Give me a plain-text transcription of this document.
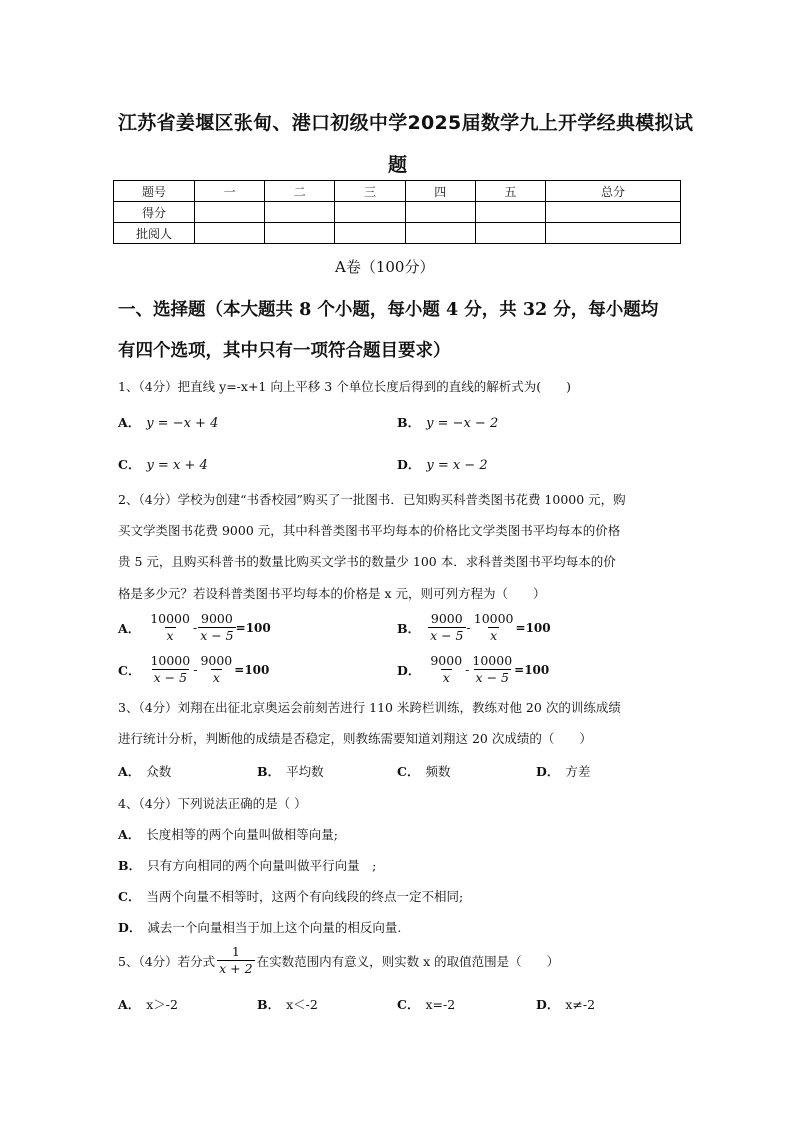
江苏省姜堰区张甸、港口初级中学2025届数学九上开学经典模拟试
题
题号	一	二	三	四	五	总分
得分						
批阅人						
A卷（100分）
一、选择题（本大题共 8 个小题，每小题 4 分，共 32 分，每小题均
有四个选项，其中只有一项符合题目要求）
1、（4分）把直线 y=-x+1 向上平移 3 个单位长度后得到的直线的解析式为(　　)
A． y = −x + 4	B． y = −x − 2
C． y = x + 4	D． y = x − 2
2、（4分）学校为创建“书香校园”购买了一批图书．已知购买科普类图书花费 10000 元，购
买文学类图书花费 9000 元，其中科普类图书平均每本的价格比文学类图书平均每本的价格
贵 5 元，且购买科普书的数量比购买文学书的数量少 100 本．求科普类图书平均每本的价
格是多少元？若设科普类图书平均每本的价格是 x 元，则可列方程为（　　）
A． $\frac{10000}{x} - \frac{9000}{x - 5} =100$	B． $\frac{9000}{x - 5} - \frac{10000}{x} =100$
C． $\frac{10000}{x - 5} - \frac{9000}{x} =100$	D． $\frac{9000}{x} - \frac{10000}{x - 5} =100$
3、（4分）刘翔在出征北京奥运会前刻苦进行 110 米跨栏训练，教练对他 20 次的训练成绩
进行统计分析，判断他的成绩是否稳定，则教练需要知道刘翔这 20 次成绩的（　　）
A． 众数	B． 平均数	C． 频数	D． 方差
4、（4分）下列说法正确的是（ ）
A． 长度相等的两个向量叫做相等向量;
B． 只有方向相同的两个向量叫做平行向量　;
C． 当两个向量不相等时，这两个有向线段的终点一定不相同;
D． 减去一个向量相当于加上这个向量的相反向量.
5、（4分）若分式 $\frac{1}{x + 2}$ 在实数范围内有意义，则实数 x 的取值范围是（　　）
A． x＞-2	B． x＜-2	C． x=-2	D． x≠-2
